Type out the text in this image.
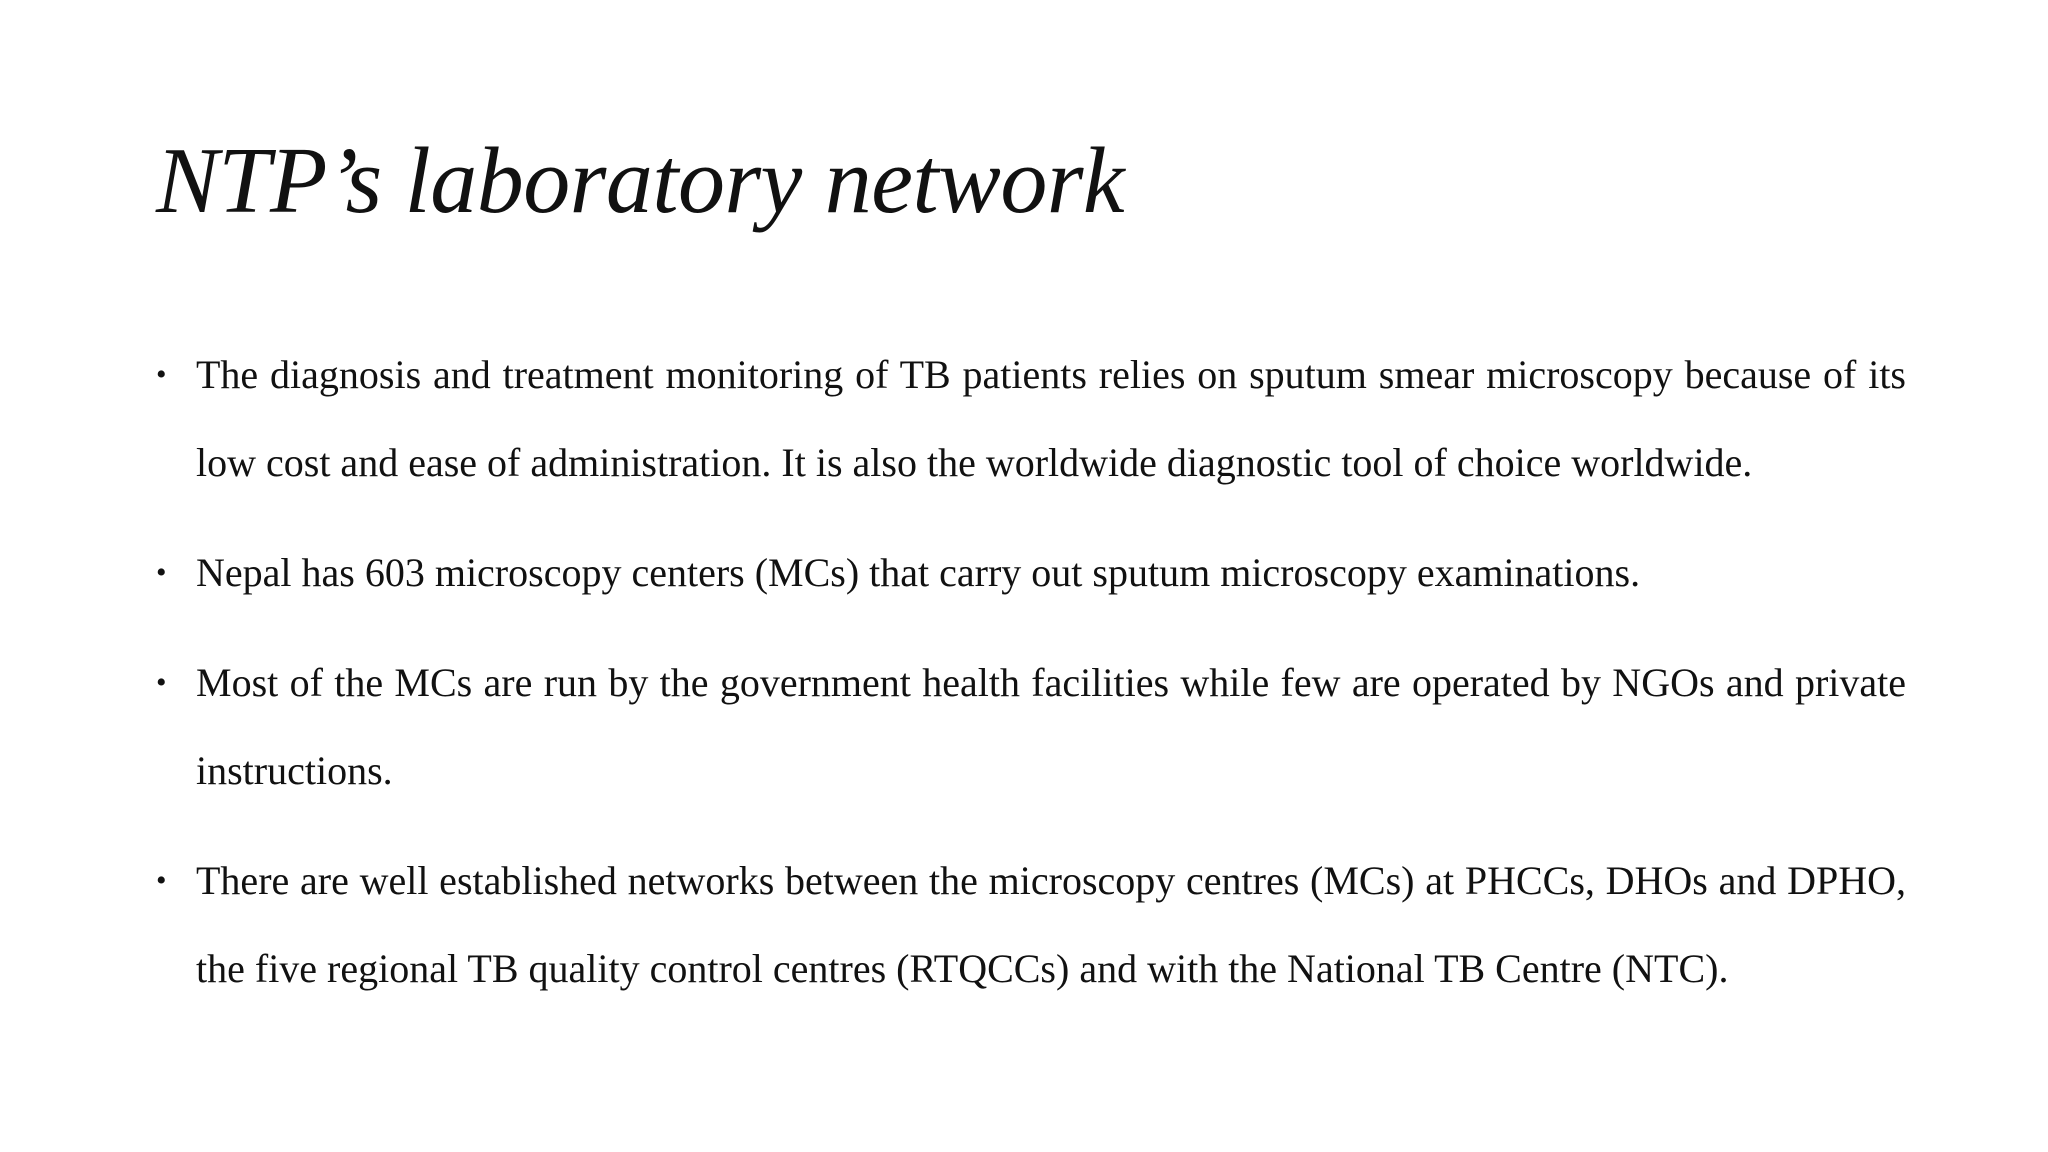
NTP’s laboratory network
• The diagnosis and treatment monitoring of TB patients relies on sputum smear microscopy because of its low cost and ease of administration. It is also the worldwide diagnostic tool of choice worldwide.
• Nepal has 603 microscopy centers (MCs) that carry out sputum microscopy examinations.
• Most of the MCs are run by the government health facilities while few are operated by NGOs and private instructions.
• There are well established networks between the microscopy centres (MCs) at PHCCs, DHOs and DPHO, the five regional TB quality control centres (RTQCCs) and with the National TB Centre (NTC).
